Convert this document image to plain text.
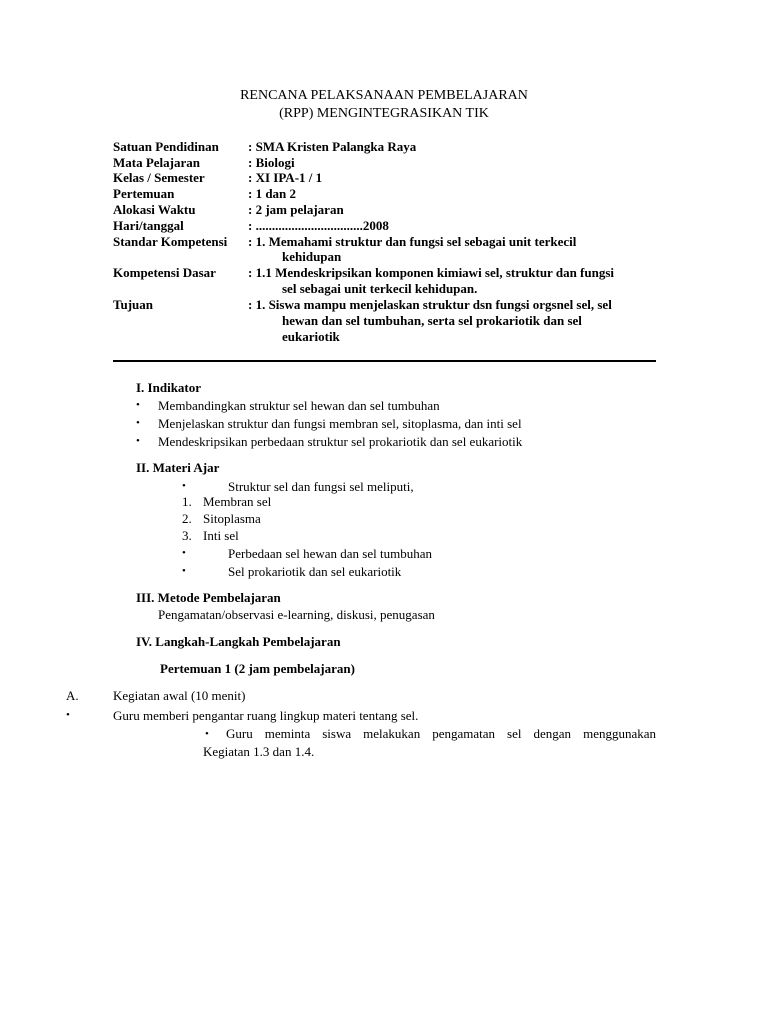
RENCANA PELAKSANAAN PEMBELAJARAN
(RPP) MENGINTEGRASIKAN TIK
Satuan Pendidinan : SMA Kristen Palangka Raya
Mata Pelajaran	: Biologi
Kelas / Semester	: XI IPA-1 / 1
Pertemuan	: 1 dan 2
Alokasi Waktu	: 2 jam pelajaran
Hari/tanggal	: .................................2008
Standar Kompetensi : 1. Memahami struktur dan fungsi sel sebagai unit terkecil
kehidupan
Kompetensi Dasar : 1.1 Mendeskripsikan komponen kimiawi sel, struktur dan fungsi
sel sebagai unit terkecil kehidupan.
Tujuan	: 1. Siswa mampu menjelaskan struktur dsn fungsi orgsnel sel, sel
hewan dan sel tumbuhan, serta sel prokariotik dan sel
eukariotik
I. Indikator
• Membandingkan struktur sel hewan dan sel tumbuhan
• Menjelaskan struktur dan fungsi membran sel, sitoplasma, dan inti sel
• Mendeskripsikan perbedaan struktur sel prokariotik dan sel eukariotik
II. Materi Ajar
•	Struktur sel dan fungsi sel meliputi,
1. Membran sel
2. Sitoplasma
3. Inti sel
•	Perbedaan sel hewan dan sel tumbuhan
•	Sel prokariotik dan sel eukariotik
III. Metode Pembelajaran
Pengamatan/observasi e-learning, diskusi, penugasan
IV. Langkah-Langkah Pembelajaran
Pertemuan 1 (2 jam pembelajaran)
A.	Kegiatan awal (10 menit)
•	Guru memberi pengantar ruang lingkup materi tentang sel.
• Guru meminta siswa melakukan pengamatan sel dengan menggunakan
Kegiatan 1.3 dan 1.4.
